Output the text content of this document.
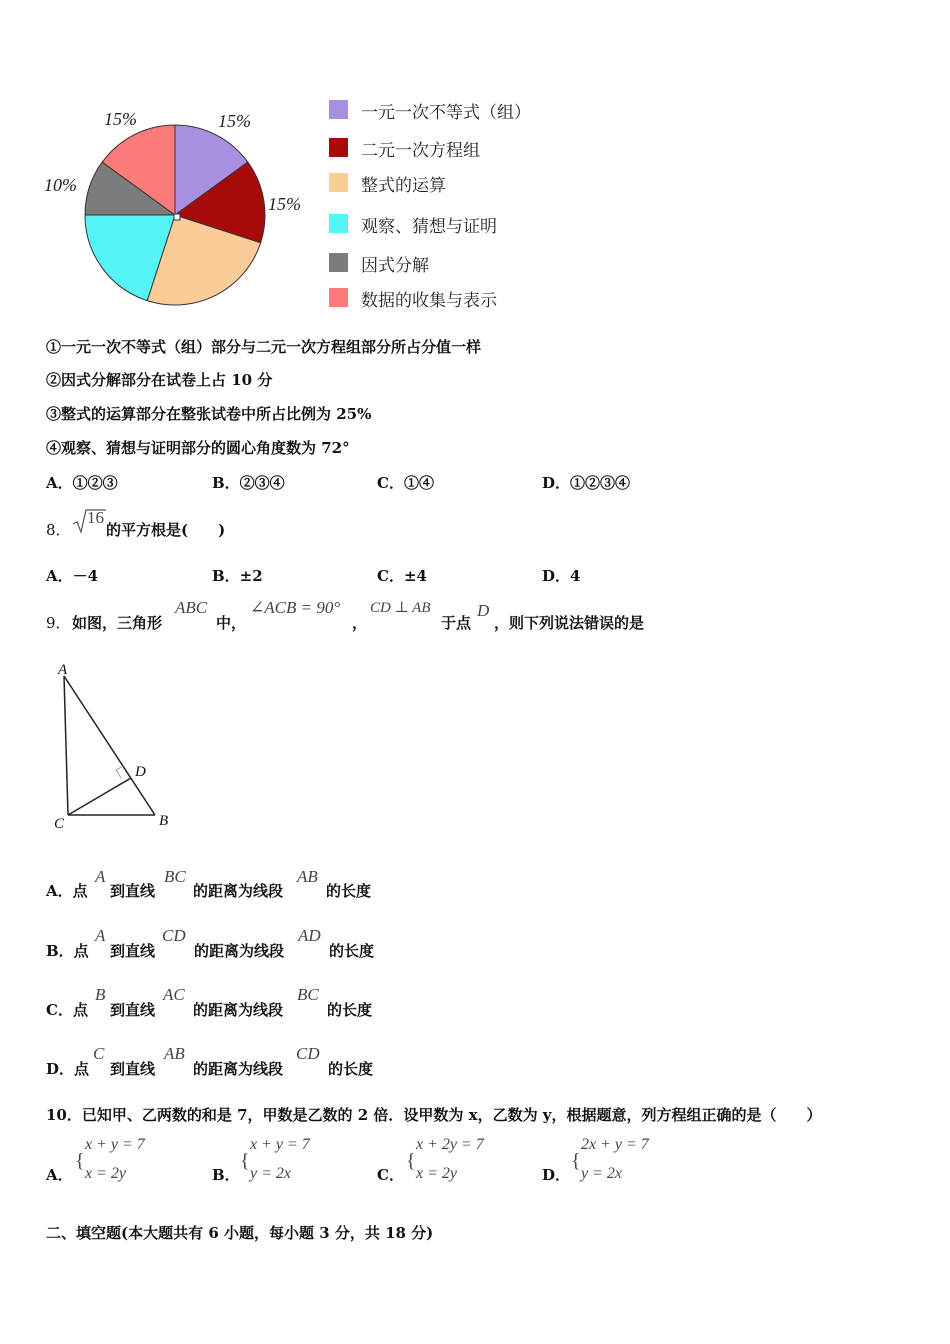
15%
15%
10%
15%	一元一次不等式（组）
二元一次方程组
整式的运算
观察、猜想与证明
因式分解
数据的收集与表示
①一元一次不等式（组）部分与二元一次方程组部分所占分值一样
②因式分解部分在试卷上占 10 分
③整式的运算部分在整张试卷中所占比例为 25%
④观察、猜想与证明部分的圆心角度数为 72°
A．①②③	B．②③④	C．①④	D．①②③④
8．
16
的平方根是(　　)
A．－4	B．±2	C．±4	D．4
9． 如图，三角形
ABC
中，
∠ACB = 90°
，
CD ⊥ AB
于点
D
，则下列说法错误的是
A
C	B
D
A．点
A
到直线
BC
的距离为线段
AB
的长度
B．点
A
到直线
CD
的距离为线段
AD
的长度
C．点
B
到直线
AC
的距离为线段
BC
的长度
D．点
C
到直线
AB
的距离为线段
CD
的长度
10．已知甲、乙两数的和是 7，甲数是乙数的 2 倍．设甲数为 x，乙数为 y，根据题意，列方程组正确的是（　　）
A．
{
x + y = 7
x = 2y	B．
{
x + y = 7
y = 2x	C．
{
x + 2y = 7
x = 2y	D．
{
2x + y = 7
y = 2x
二、填空题(本大题共有 6 小题，每小题 3 分，共 18 分)
